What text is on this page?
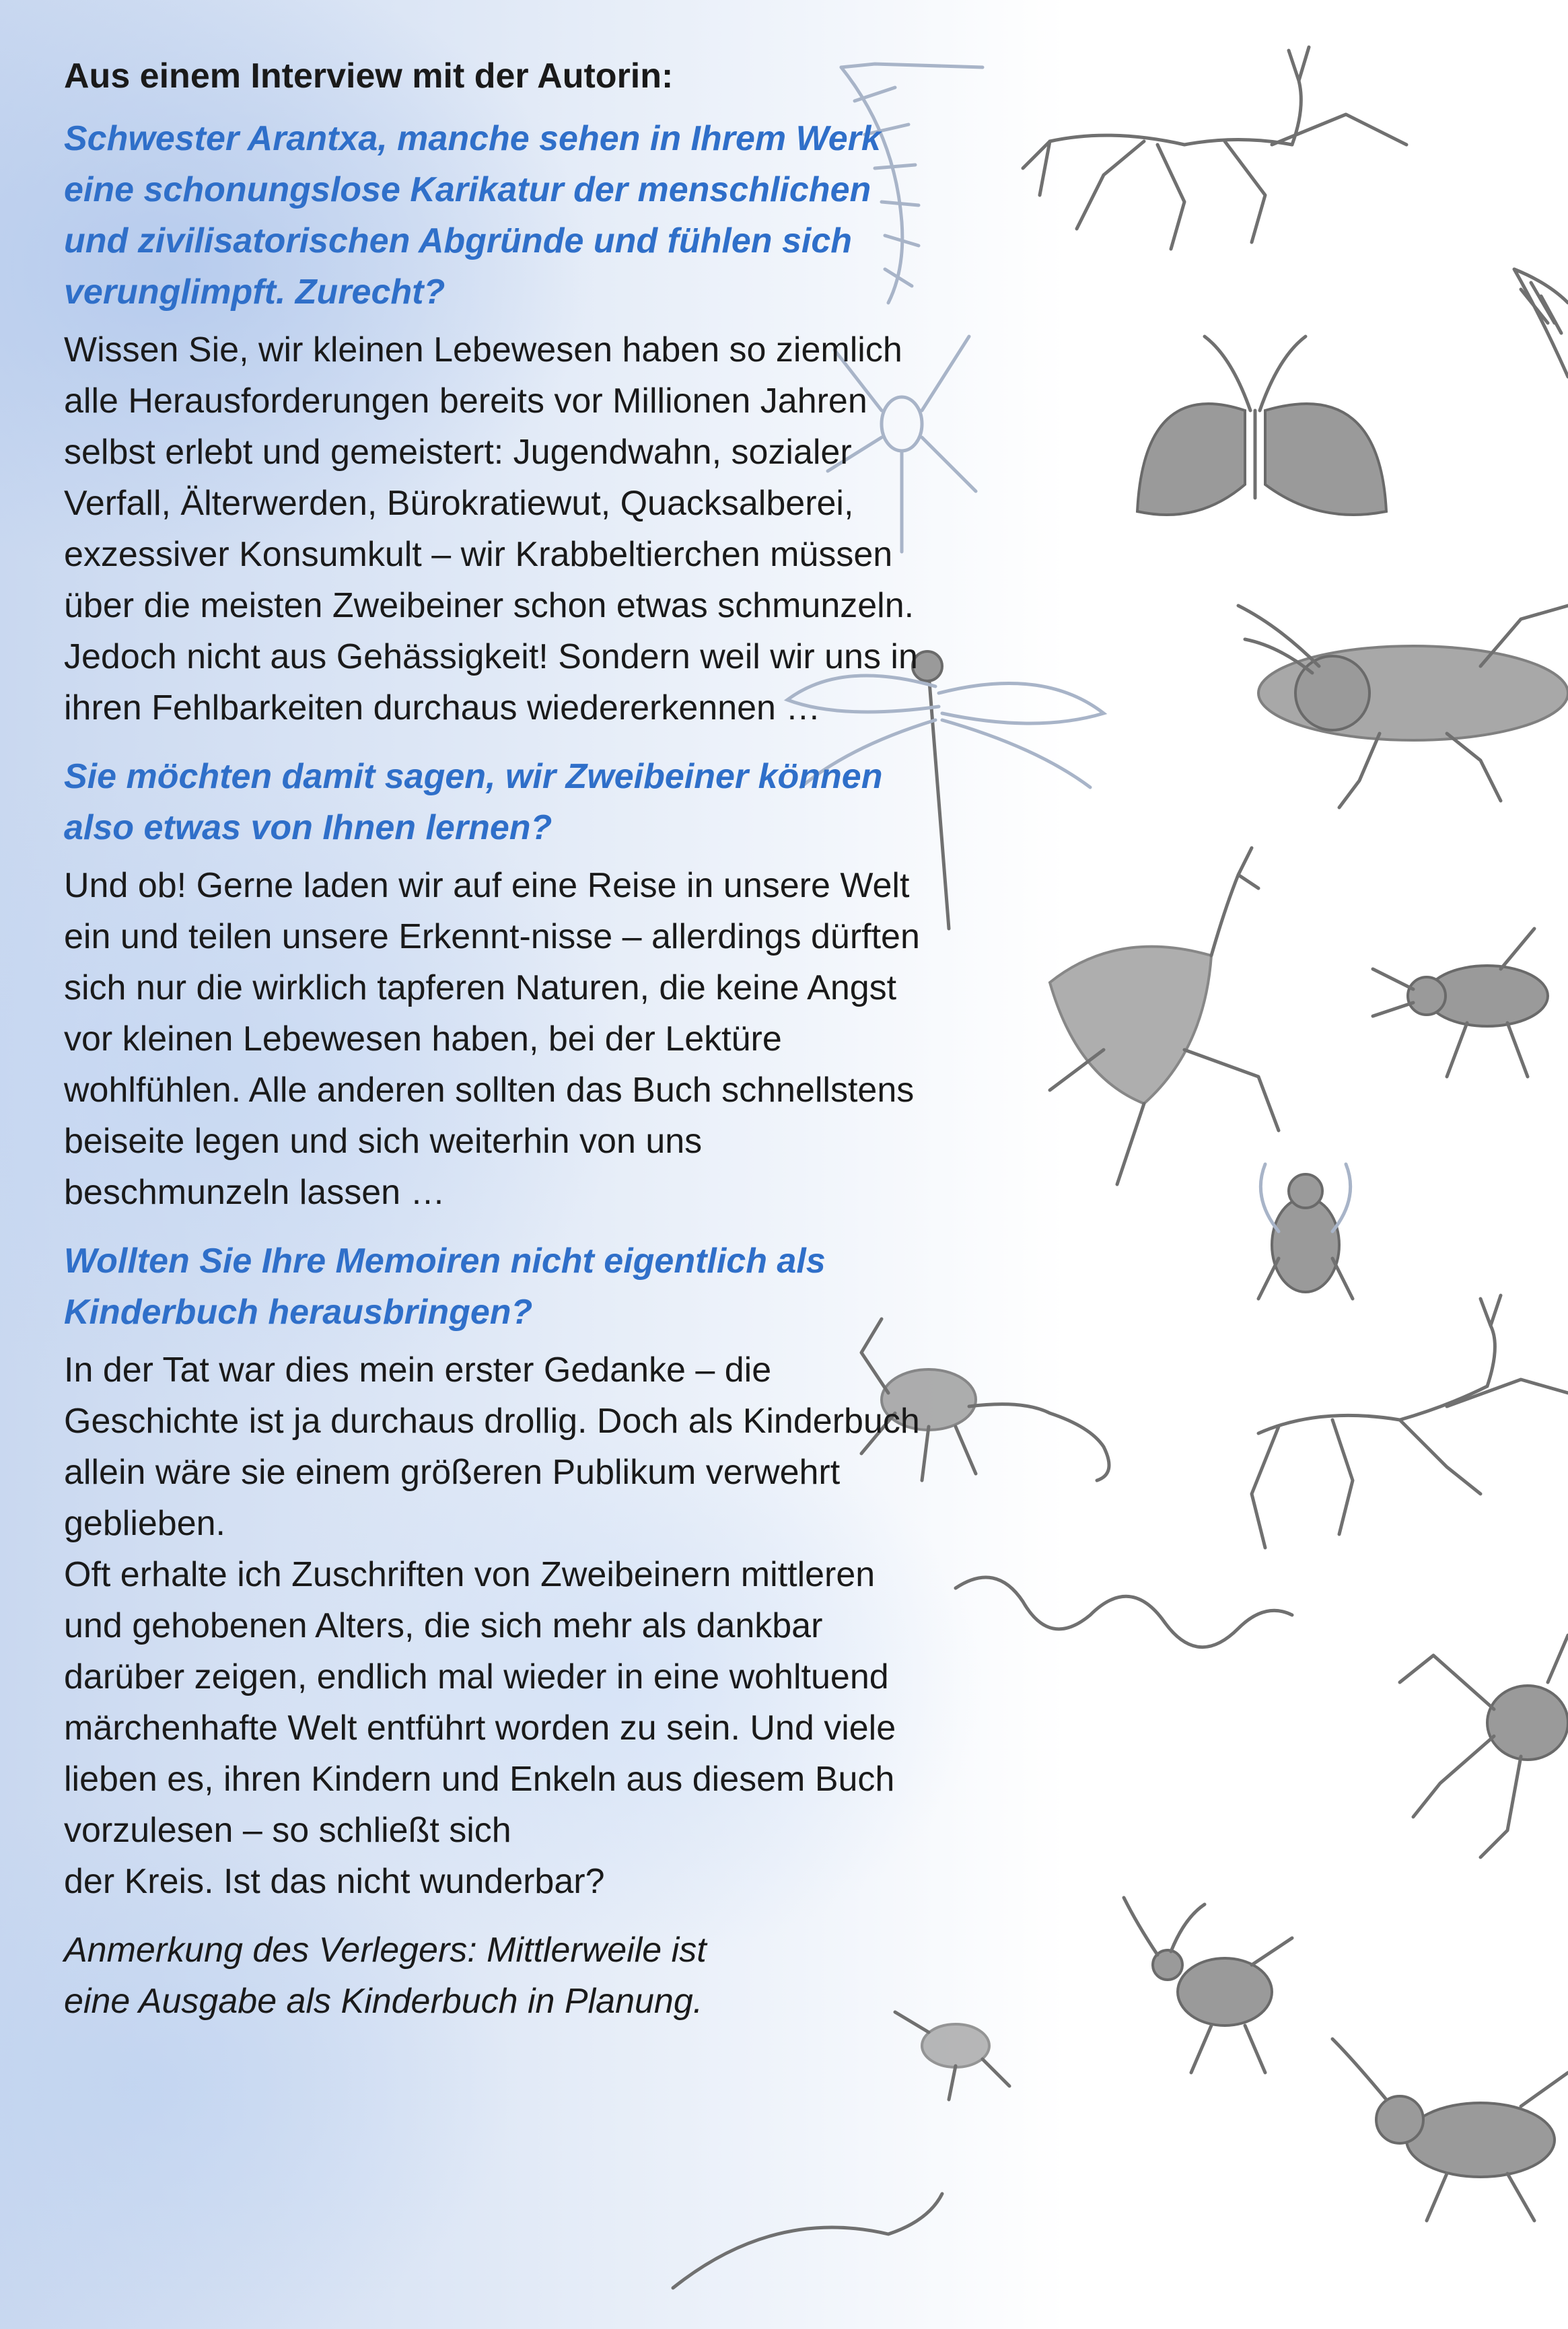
Aus einem Interview mit der Autorin:
Schwester Arantxa, manche sehen in Ihrem Werk eine schonungslose Karikatur der menschlichen und zivilisatorischen Abgründe und fühlen sich verunglimpft. Zurecht?
Wissen Sie, wir kleinen Lebewesen haben so ziemlich alle Herausforderungen bereits vor Millionen Jahren selbst erlebt und gemeistert: Jugendwahn, sozialer Verfall, Älterwerden, Bürokratiewut, Quacksalberei, exzessiver Konsumkult – wir Krabbeltierchen müssen über die meisten Zweibeiner schon etwas schmunzeln. Jedoch nicht aus Gehässigkeit! Sondern weil wir uns in ihren Fehlbarkeiten durchaus wiedererkennen …
Sie möchten damit sagen, wir Zweibeiner können also etwas von Ihnen lernen?
Und ob! Gerne laden wir auf eine Reise in unsere Welt ein und teilen unsere Erkennt-nisse – allerdings dürften sich nur die wirklich tapferen Naturen, die keine Angst vor kleinen Lebewesen haben, bei der Lektüre wohlfühlen. Alle anderen sollten das Buch schnellstens beiseite legen und sich weiterhin von uns beschmunzeln lassen …
Wollten Sie Ihre Memoiren nicht eigentlich als Kinderbuch herausbringen?
In der Tat war dies mein erster Gedanke – die Geschichte ist ja durchaus drollig. Doch als Kinderbuch allein wäre sie einem größeren Publikum verwehrt geblieben.
Oft erhalte ich Zuschriften von Zweibeinern mittleren und gehobenen Alters, die sich mehr als dankbar darüber zeigen, endlich mal wieder in eine wohltuend märchenhafte Welt entführt worden zu sein. Und viele lieben es, ihren Kindern und Enkeln aus diesem Buch vorzulesen – so schließt sich
der Kreis. Ist das nicht wunderbar?
Anmerkung des Verlegers: Mittlerweile ist
eine Ausgabe als Kinderbuch in Planung.
